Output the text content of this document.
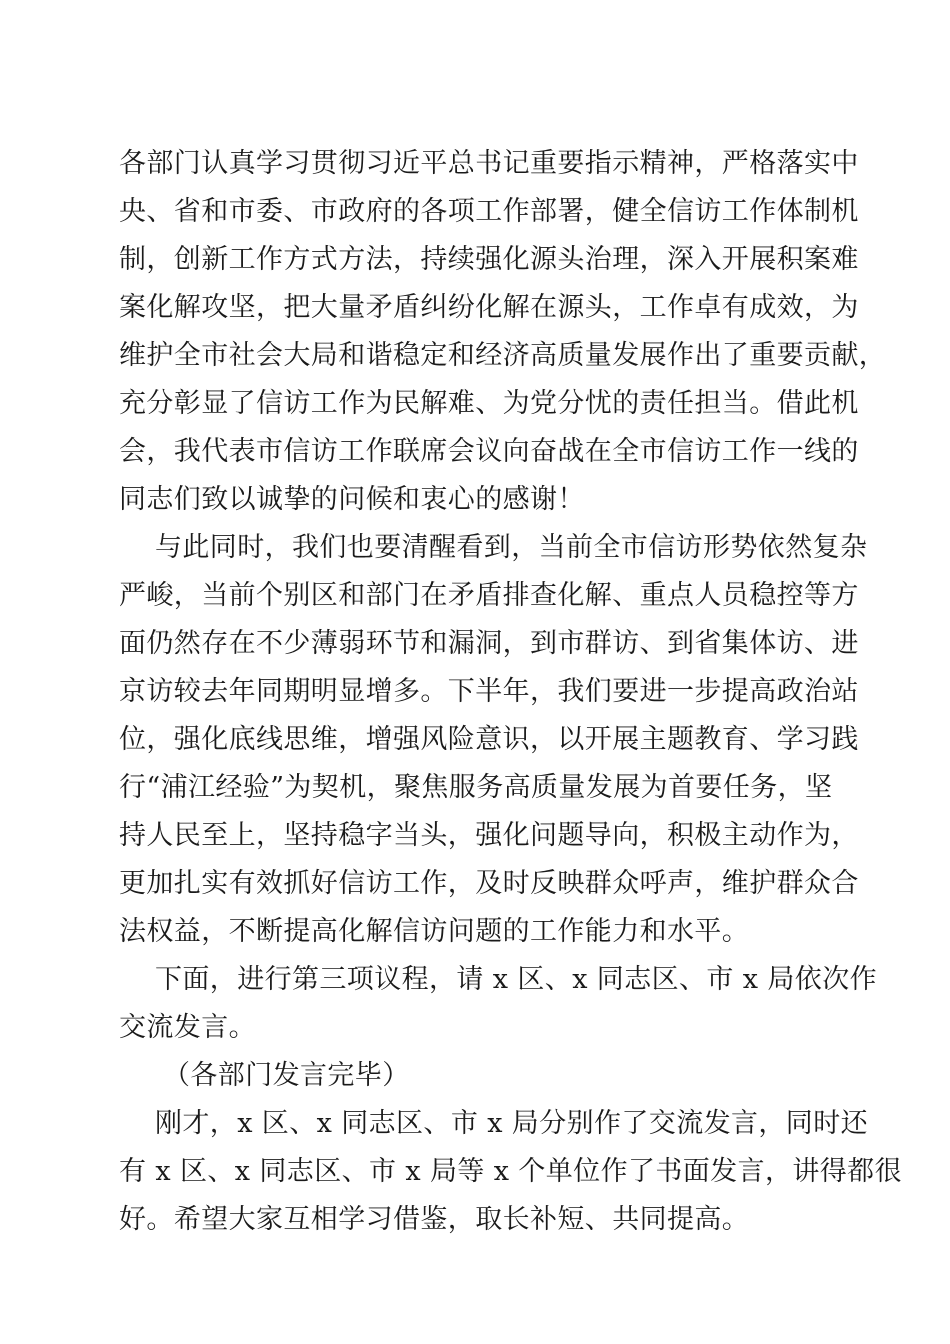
各部门认真学习贯彻习近平总书记重要指示精神，严格落实中
央、省和市委、市政府的各项工作部署，健全信访工作体制机
制，创新工作方式方法，持续强化源头治理，深入开展积案难
案化解攻坚，把大量矛盾纠纷化解在源头，工作卓有成效，为
维护全市社会大局和谐稳定和经济高质量发展作出了重要贡献，
充分彰显了信访工作为民解难、为党分忧的责任担当。借此机
会，我代表市信访工作联席会议向奋战在全市信访工作一线的
同志们致以诚挚的问候和衷心的感谢！
与此同时，我们也要清醒看到，当前全市信访形势依然复杂
严峻，当前个别区和部门在矛盾排查化解、重点人员稳控等方
面仍然存在不少薄弱环节和漏洞，到市群访、到省集体访、进
京访较去年同期明显增多。下半年，我们要进一步提高政治站
位，强化底线思维，增强风险意识，以开展主题教育、学习践
行“浦江经验”为契机，聚焦服务高质量发展为首要任务，坚
持人民至上，坚持稳字当头，强化问题导向，积极主动作为，
更加扎实有效抓好信访工作，及时反映群众呼声，维护群众合
法权益，不断提高化解信访问题的工作能力和水平。
下面，进行第三项议程，请 x 区、x 同志区、市 x 局依次作
交流发言。
（各部门发言完毕）
刚才，x 区、x 同志区、市 x 局分别作了交流发言，同时还
有 x 区、x 同志区、市 x 局等 x 个单位作了书面发言，讲得都很
好。希望大家互相学习借鉴，取长补短、共同提高。
